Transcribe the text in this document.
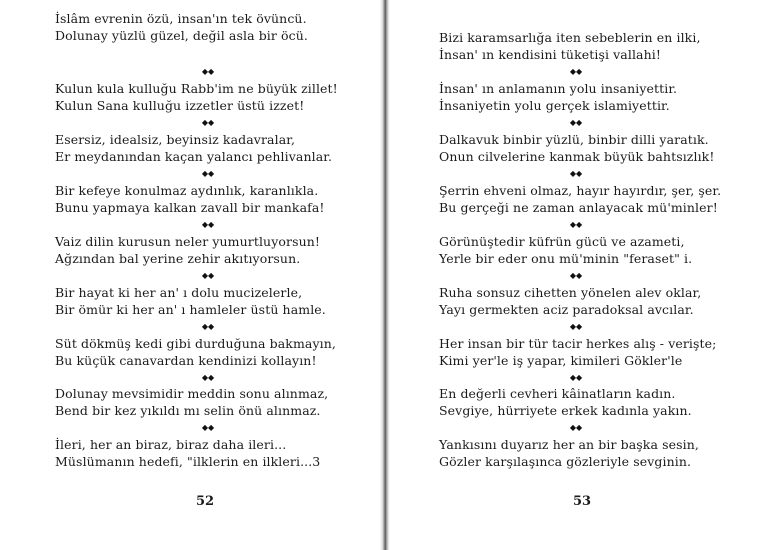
İslâm evrenin özü, insan'ın tek övüncü.
Dolunay yüzlü güzel, değil asla bir öcü.
Kulun kula kulluğu Rabb'im ne büyük zillet!
Kulun Sana kulluğu izzetler üstü izzet!
Esersiz, idealsiz, beyinsiz kadavralar,
Er meydanından kaçan yalancı pehlivanlar.
Bir kefeye konulmaz aydınlık, karanlıkla.
Bunu yapmaya kalkan zavall bir mankafa!
Vaiz dilin kurusun neler yumurtluyorsun!
Ağzından bal yerine zehir akıtıyorsun.
Bir hayat ki her an' ı dolu mucizelerle,
Bir ömür ki her an' ı hamleler üstü hamle.
Süt dökmüş kedi gibi durduğuna bakmayın,
Bu küçük canavardan kendinizi kollayın!
Dolunay mevsimidir meddin sonu alınmaz,
Bend bir kez yıkıldı mı selin önü alınmaz.
İleri, her an biraz, biraz daha ileri...
Müslümanın hedefi, "ilklerin en ilkleri...3
◆◆
◆◆
◆◆
◆◆
◆◆
◆◆
◆◆
◆◆
52
Bizi karamsarlığa iten sebeblerin en ilki,
İnsan' ın kendisini tüketişi vallahi!
İnsan' ın anlamanın yolu insaniyettir.
İnsaniyetin yolu gerçek islamiyettir.
Dalkavuk binbir yüzlü, binbir dilli yaratık.
Onun cilvelerine kanmak büyük bahtsızlık!
Şerrin ehveni olmaz, hayır hayırdır, şer, şer.
Bu gerçeği ne zaman anlayacak mü'minler!
Görünüştedir küfrün gücü ve azameti,
Yerle bir eder onu mü'minin "feraset" i.
Ruha sonsuz cihetten yönelen alev oklar,
Yayı germekten aciz paradoksal avcılar.
Her insan bir tür tacir herkes alış - verişte;
Kimi yer'le iş yapar, kimileri Gökler'le
En değerli cevheri kâinatların kadın.
Sevgiye, hürriyete erkek kadınla yakın.
Yankısını duyarız her an bir başka sesin,
Gözler karşılaşınca gözleriyle sevginin.
◆◆
◆◆
◆◆
◆◆
◆◆
◆◆
◆◆
◆◆
53
